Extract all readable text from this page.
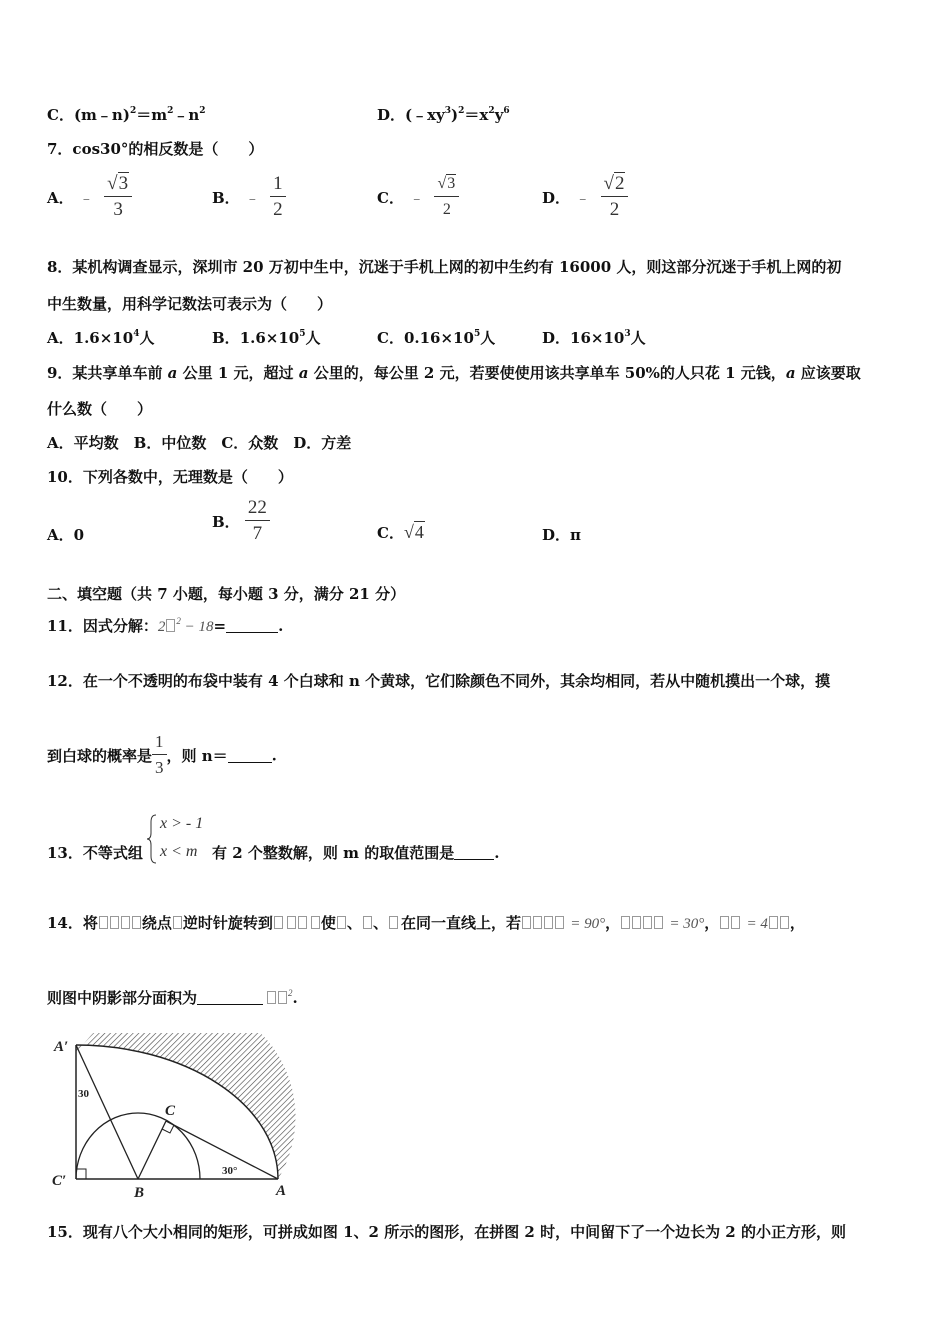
C．$(m﹣n)^2=m^2﹣n^2$	D．$(﹣xy^3)^2=x^2y^6$
7．cos30°的相反数是（　　）
A． ﹣ $\frac{√3}{3}$	B． ﹣ $\frac{1}{2}$	C． ﹣ $\frac{√3}{2}$	D． ﹣ $\frac{√2}{2}$
8．某机构调查显示，深圳市 20 万初中生中，沉迷于手机上网的初中生约有 16000 人，则这部分沉迷于手机上网的初
中生数量，用科学记数法可表示为（　　）
A．$1.6\times 10^4$人	B．$1.6\times 10^5$人	C．$0.16\times 10^5$人	D．$16\times 10^3$人
9．某共享单车前 a 公里 1 元，超过 a 公里的，每公里 2 元，若要使使用该共享单车 50%的人只花 1 元钱，a 应该要取
什么数（　　）
A．平均数　B．中位数　C．众数　D．方差
10．下列各数中，无理数是（　　）
A．0
B． $\frac{22}{7}$	C．√4	D．π
二、填空题（共 7 小题，每小题 3 分，满分 21 分）
11．因式分解：2 $^2$ − 18=	.
12．在一个不透明的布袋中装有 4 个白球和 n 个黄球，它们除颜色不同外，其余均相同，若从中随机摸出一个球，摸
到白球的概率是 $\frac{1}{3}$ ，则 n＝	.
13．不等式组
x > - 1
x < m 有 2 个整数解，则 m 的取值范围是	.
14．将	绕点 逆时针旋转到	使 、 、 在同一直线上，若	= 90°，	= 30°， = 4 ，
则图中阴影部分面积为	$^2$.
A′
C′
B	A
C
30
30°
15．现有八个大小相同的矩形，可拼成如图 1、2 所示的图形，在拼图 2 时，中间留下了一个边长为 2 的小正方形，则
